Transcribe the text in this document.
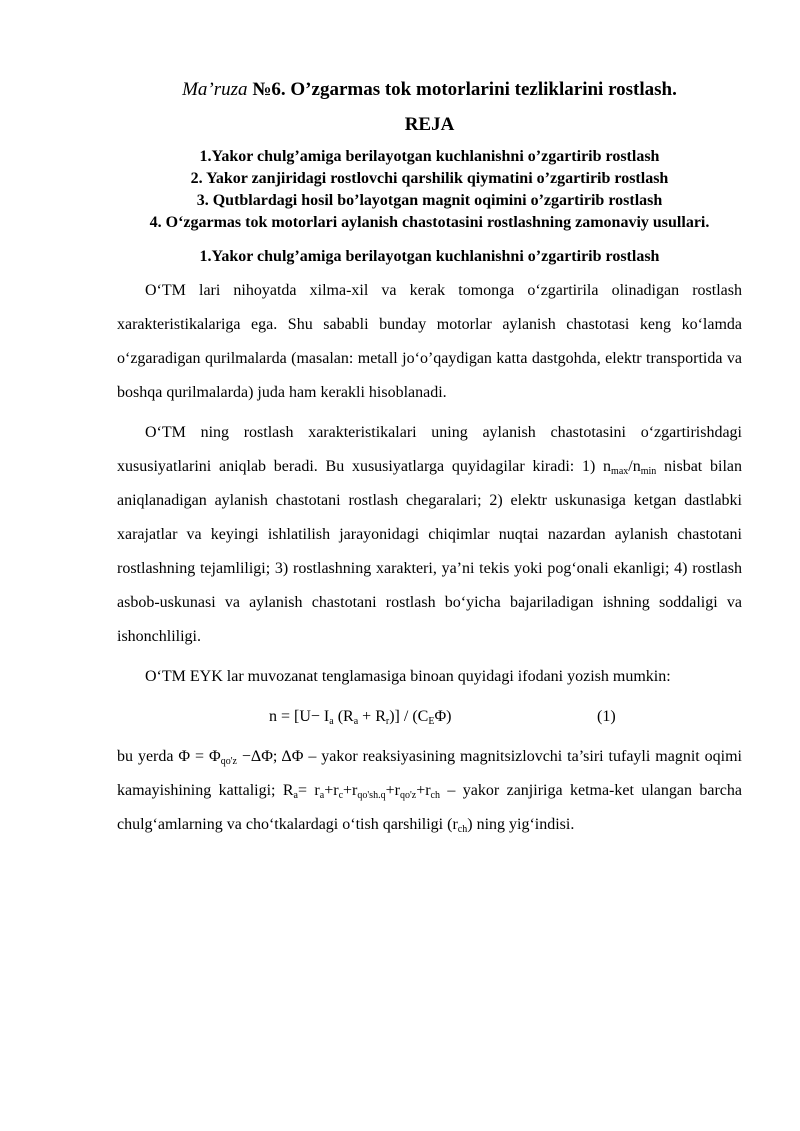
Ma’ruza №6. O’zgarmas tok motorlarini tezliklarini rostlash.
REJA
1.Yakor chulg’amiga berilayotgan kuchlanishni o’zgartirib rostlash
2. Yakor zanjiridagi rostlovchi qarshilik qiymatini o’zgartirib rostlash
3. Qutblardagi hosil bo’layotgan magnit oqimini o’zgartirib rostlash
4. O‘zgarmas tok motorlari aylanish chastotasini rostlashning zamonaviy usullari.
1.Yakor chulg’amiga berilayotgan kuchlanishni o’zgartirib rostlash

O‘TM lari nihoyatda xilma-xil va kerak tomonga o‘zgartirila olinadigan rostlash xarakteristikalariga ega. Shu sababli bunday motorlar aylanish chastotasi keng ko‘lamda o‘zgaradigan qurilmalarda (masalan: metall jo‘o’qaydigan katta dastgohda, elektr transportida va boshqa qurilmalarda) juda ham kerakli hisoblanadi.

O‘TM ning rostlash xarakteristikalari uning aylanish chastotasini o‘zgartirishdagi xususiyatlarini aniqlab beradi. Bu xususiyatlarga quyidagilar kiradi: 1) $n_{max}/n_{min}$ nisbat bilan aniqlanadigan aylanish chastotani rostlash chegaralari; 2) elektr uskunasiga ketgan dastlabki xarajatlar va keyingi ishlatilish jarayonidagi chiqimlar nuqtai nazardan aylanish chastotani rostlashning tejamliligi; 3) rostlashning xarakteri, ya’ni tekis yoki pog‘onali ekanligi; 4) rostlash asbob-uskunasi va aylanish chastotani rostlash bo‘yicha bajariladigan ishning soddaligi va ishonchliligi.

O‘TM EYK lar muvozanat tenglamasiga binoan quyidagi ifodani yozish mumkin:

$n = [U- I_a$ $(R_a + R_r)] / (C_E\Phi)$	(1)

bu yerda $\Phi = \Phi_{qo'z} -\Delta\Phi$; ΔΦ – yakor reaksiyasining magnitsizlovchi ta’siri tufayli magnit oqimi kamayishining kattaligi; $R_a= r_a+r_c+r_{qo'sh.q}+r_{qo'z}+r_{ch}$ – yakor zanjiriga ketma-ket ulangan barcha chulg‘amlarning va cho‘tkalardagi o‘tish qarshiligi $(r_{ch})$ ning yig‘indisi.
